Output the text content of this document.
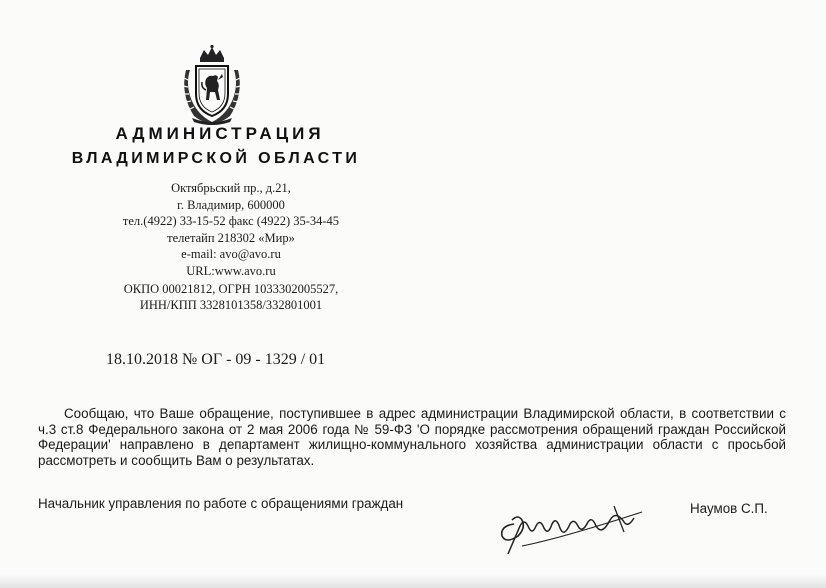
АДМИНИСТРАЦИЯ
ВЛАДИМИРСКОЙ ОБЛАСТИ
Октябрьский пр., д.21,
г. Владимир, 600000
тел.(4922) 33-15-52 факс (4922) 35-34-45
телетайп 218302 «Мир»
e-mail: avo@avo.ru
URL:www.avo.ru
ОКПО 00021812, ОГРН 1033302005527,
ИНН/КПП 3328101358/332801001
18.10.2018 № ОГ - 09 - 1329 / 01
Сообщаю, что Ваше обращение, поступившее в адрес администрации Владимирской области, в соответствии с ч.3 ст.8 Федерального закона от 2 мая 2006 года № 59-ФЗ 'О порядке рассмотрения обращений граждан Российской Федерации' направлено в департамент жилищно-коммунального хозяйства администрации области с просьбой рассмотреть и сообщить Вам о результатах.
Начальник управления по работе с обращениями граждан	Наумов С.П.
